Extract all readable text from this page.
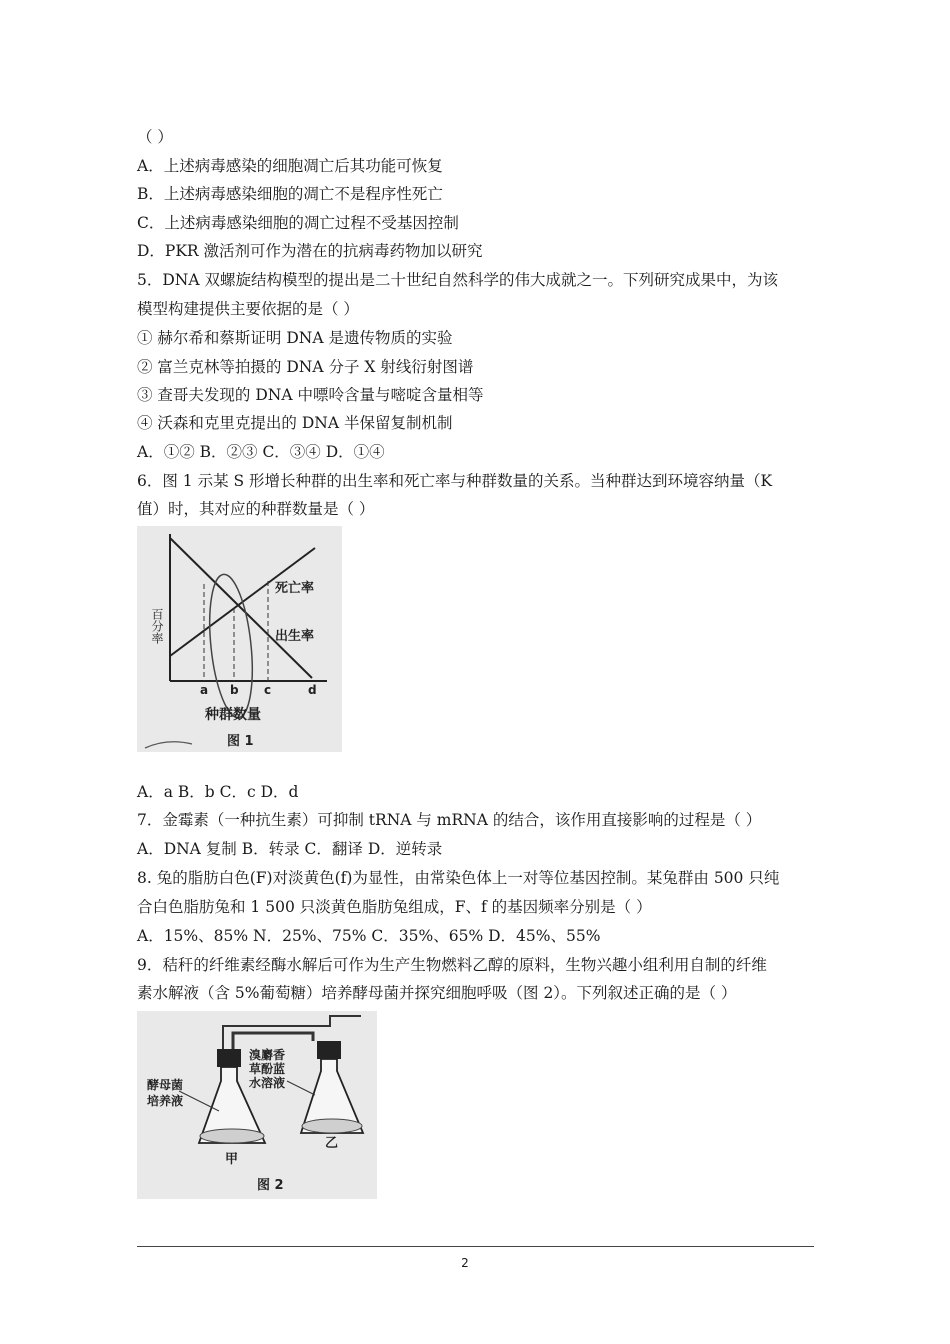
（ ）
A．上述病毒感染的细胞凋亡后其功能可恢复
B．上述病毒感染细胞的凋亡不是程序性死亡
C．上述病毒感染细胞的凋亡过程不受基因控制
D．PKR 激活剂可作为潜在的抗病毒药物加以研究
5．DNA 双螺旋结构模型的提出是二十世纪自然科学的伟大成就之一。下列研究成果中，为该
模型构建提供主要依据的是（ ）
① 赫尔希和蔡斯证明 DNA 是遗传物质的实验
② 富兰克林等拍摄的 DNA 分子 X 射线衍射图谱
③ 查哥夫发现的 DNA 中嘌呤含量与嘧啶含量相等
④ 沃森和克里克提出的 DNA 半保留复制机制
A．①② B．②③ C．③④ D．①④
6．图 1 示某 S 形增长种群的出生率和死亡率与种群数量的关系。当种群达到环境容纳量（K
值）时，其对应的种群数量是（ ）
A．a B．b C．c D．d
7．金霉素（一种抗生素）可抑制 tRNA 与 mRNA 的结合，该作用直接影响的过程是（ ）
A．DNA 复制 B．转录 C．翻译 D．逆转录
8. 兔的脂肪白色(F)对淡黄色(f)为显性，由常染色体上一对等位基因控制。某兔群由 500 只纯
合白色脂肪兔和 1 500 只淡黄色脂肪兔组成，F、f 的基因频率分别是（ ）
A．15%、85% N．25%、75% C．35%、65% D．45%、55%
9．秸秆的纤维素经酶水解后可作为生产生物燃料乙醇的原料，生物兴趣小组利用自制的纤维
素水解液（含 5%葡萄糖）培养酵母菌并探究细胞呼吸（图 2）。下列叙述正确的是（ ）
百分率
死亡率
出生率
a b c	d
种群数量
图 1
酵母菌
培养液
溴麝香
草酚蓝
水溶液
甲
乙
图 2
2
